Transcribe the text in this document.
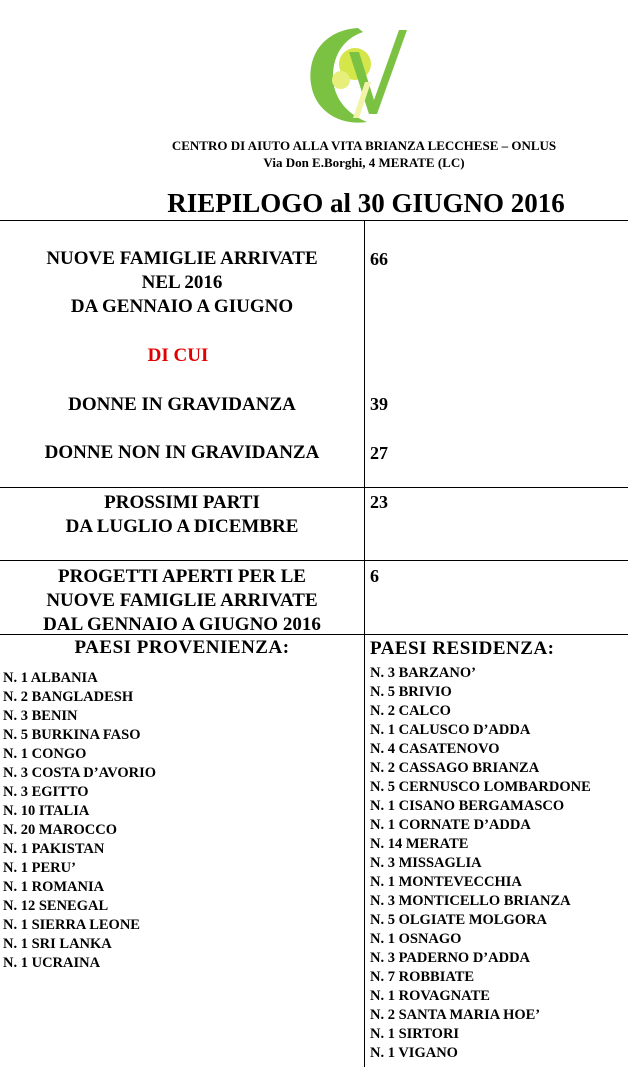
CENTRO DI AIUTO ALLA VITA BRIANZA LECCHESE – ONLUS
Via Don E.Borghi, 4 MERATE (LC)
RIEPILOGO al 30 GIUGNO 2016
NUOVE FAMIGLIE ARRIVATE
NEL 2016
DA GENNAIO A GIUGNO
66
DI CUI
DONNE IN GRAVIDANZA	39
DONNE NON IN GRAVIDANZA	27
PROSSIMI PARTI
DA LUGLIO A DICEMBRE
23
PROGETTI APERTI PER LE
NUOVE FAMIGLIE ARRIVATE
DAL GENNAIO A GIUGNO 2016
6
PAESI PROVENIENZA:
N. 1 ALBANIA
N. 2 BANGLADESH
N. 3 BENIN
N. 5 BURKINA FASO
N. 1 CONGO
N. 3 COSTA D’AVORIO
N. 3 EGITTO
N. 10 ITALIA
N. 20 MAROCCO
N. 1 PAKISTAN
N. 1 PERU’
N. 1 ROMANIA
N. 12 SENEGAL
N. 1 SIERRA LEONE
N. 1 SRI LANKA
N. 1 UCRAINA
PAESI RESIDENZA:
N. 3 BARZANO’
N. 5 BRIVIO
N. 2 CALCO
N. 1 CALUSCO D’ADDA
N. 4 CASATENOVO
N. 2 CASSAGO BRIANZA
N. 5 CERNUSCO LOMBARDONE
N. 1 CISANO BERGAMASCO
N. 1 CORNATE D’ADDA
N. 14 MERATE
N. 3 MISSAGLIA
N. 1 MONTEVECCHIA
N. 3 MONTICELLO BRIANZA
N. 5 OLGIATE MOLGORA
N. 1 OSNAGO
N. 3 PADERNO D’ADDA
N. 7 ROBBIATE
N. 1 ROVAGNATE
N. 2 SANTA MARIA HOE’
N. 1 SIRTORI
N. 1 VIGANO
